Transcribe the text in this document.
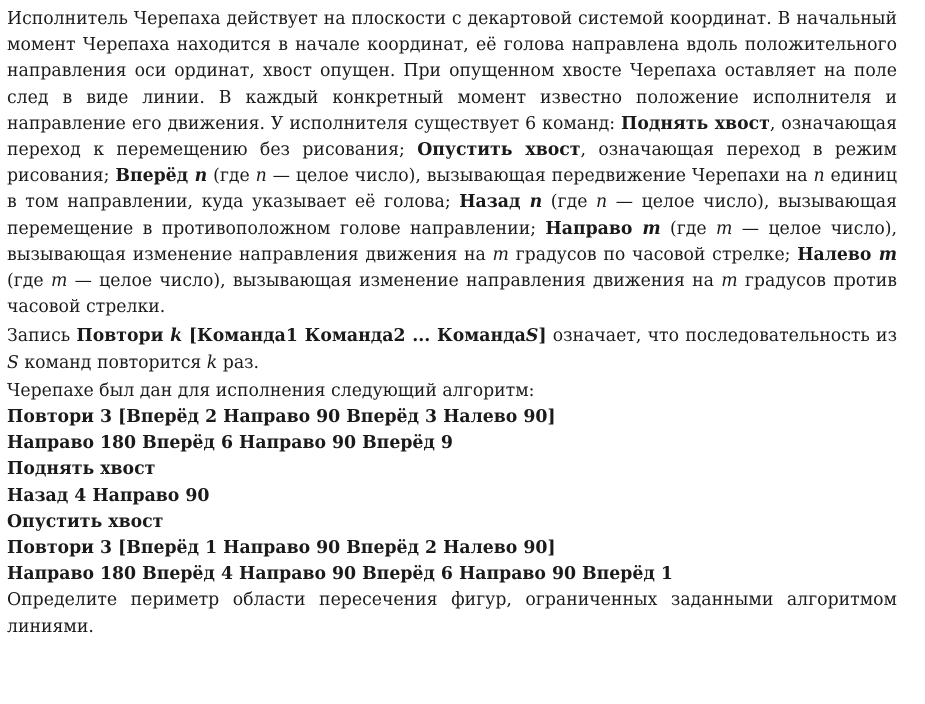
Исполнитель Черепаха действует на плоскости с декартовой системой координат. В начальный момент Черепаха находится в начале координат, её голова направлена вдоль положительного направления оси ординат, хвост опущен. При опущенном хвосте Черепаха оставляет на поле след в виде линии. В каждый конкретный момент известно положение исполнителя и направление его движения. У исполнителя существует 6 команд: Поднять хвост, означающая переход к перемещению без рисования; Опустить хвост, означающая переход в режим рисования; Вперёд n (где n — целое число), вызывающая передвижение Черепахи на n единиц в том направлении, куда указывает её голова; Назад n (где n — целое число), вызывающая перемещение в противоположном голове направлении; Направо m (где m — целое число), вызывающая изменение направления движения на m градусов по часовой стрелке; Налево m (где m — целое число), вызывающая изменение направления движения на m градусов против часовой стрелки.

Запись Повтори k [Команда1 Команда2 ... КомандаS] означает, что последовательность из S команд повторится k раз.

Черепахе был дан для исполнения следующий алгоритм:
Повтори 3 [Вперёд 2 Направо 90 Вперёд 3 Налево 90]
Направо 180 Вперёд 6 Направо 90 Вперёд 9
Поднять хвост
Назад 4 Направо 90
Опустить хвост
Повтори 3 [Вперёд 1 Направо 90 Вперёд 2 Налево 90]
Направо 180 Вперёд 4 Направо 90 Вперёд 6 Направо 90 Вперёд 1

Определите периметр области пересечения фигур, ограниченных заданными алгоритмом линиями.
